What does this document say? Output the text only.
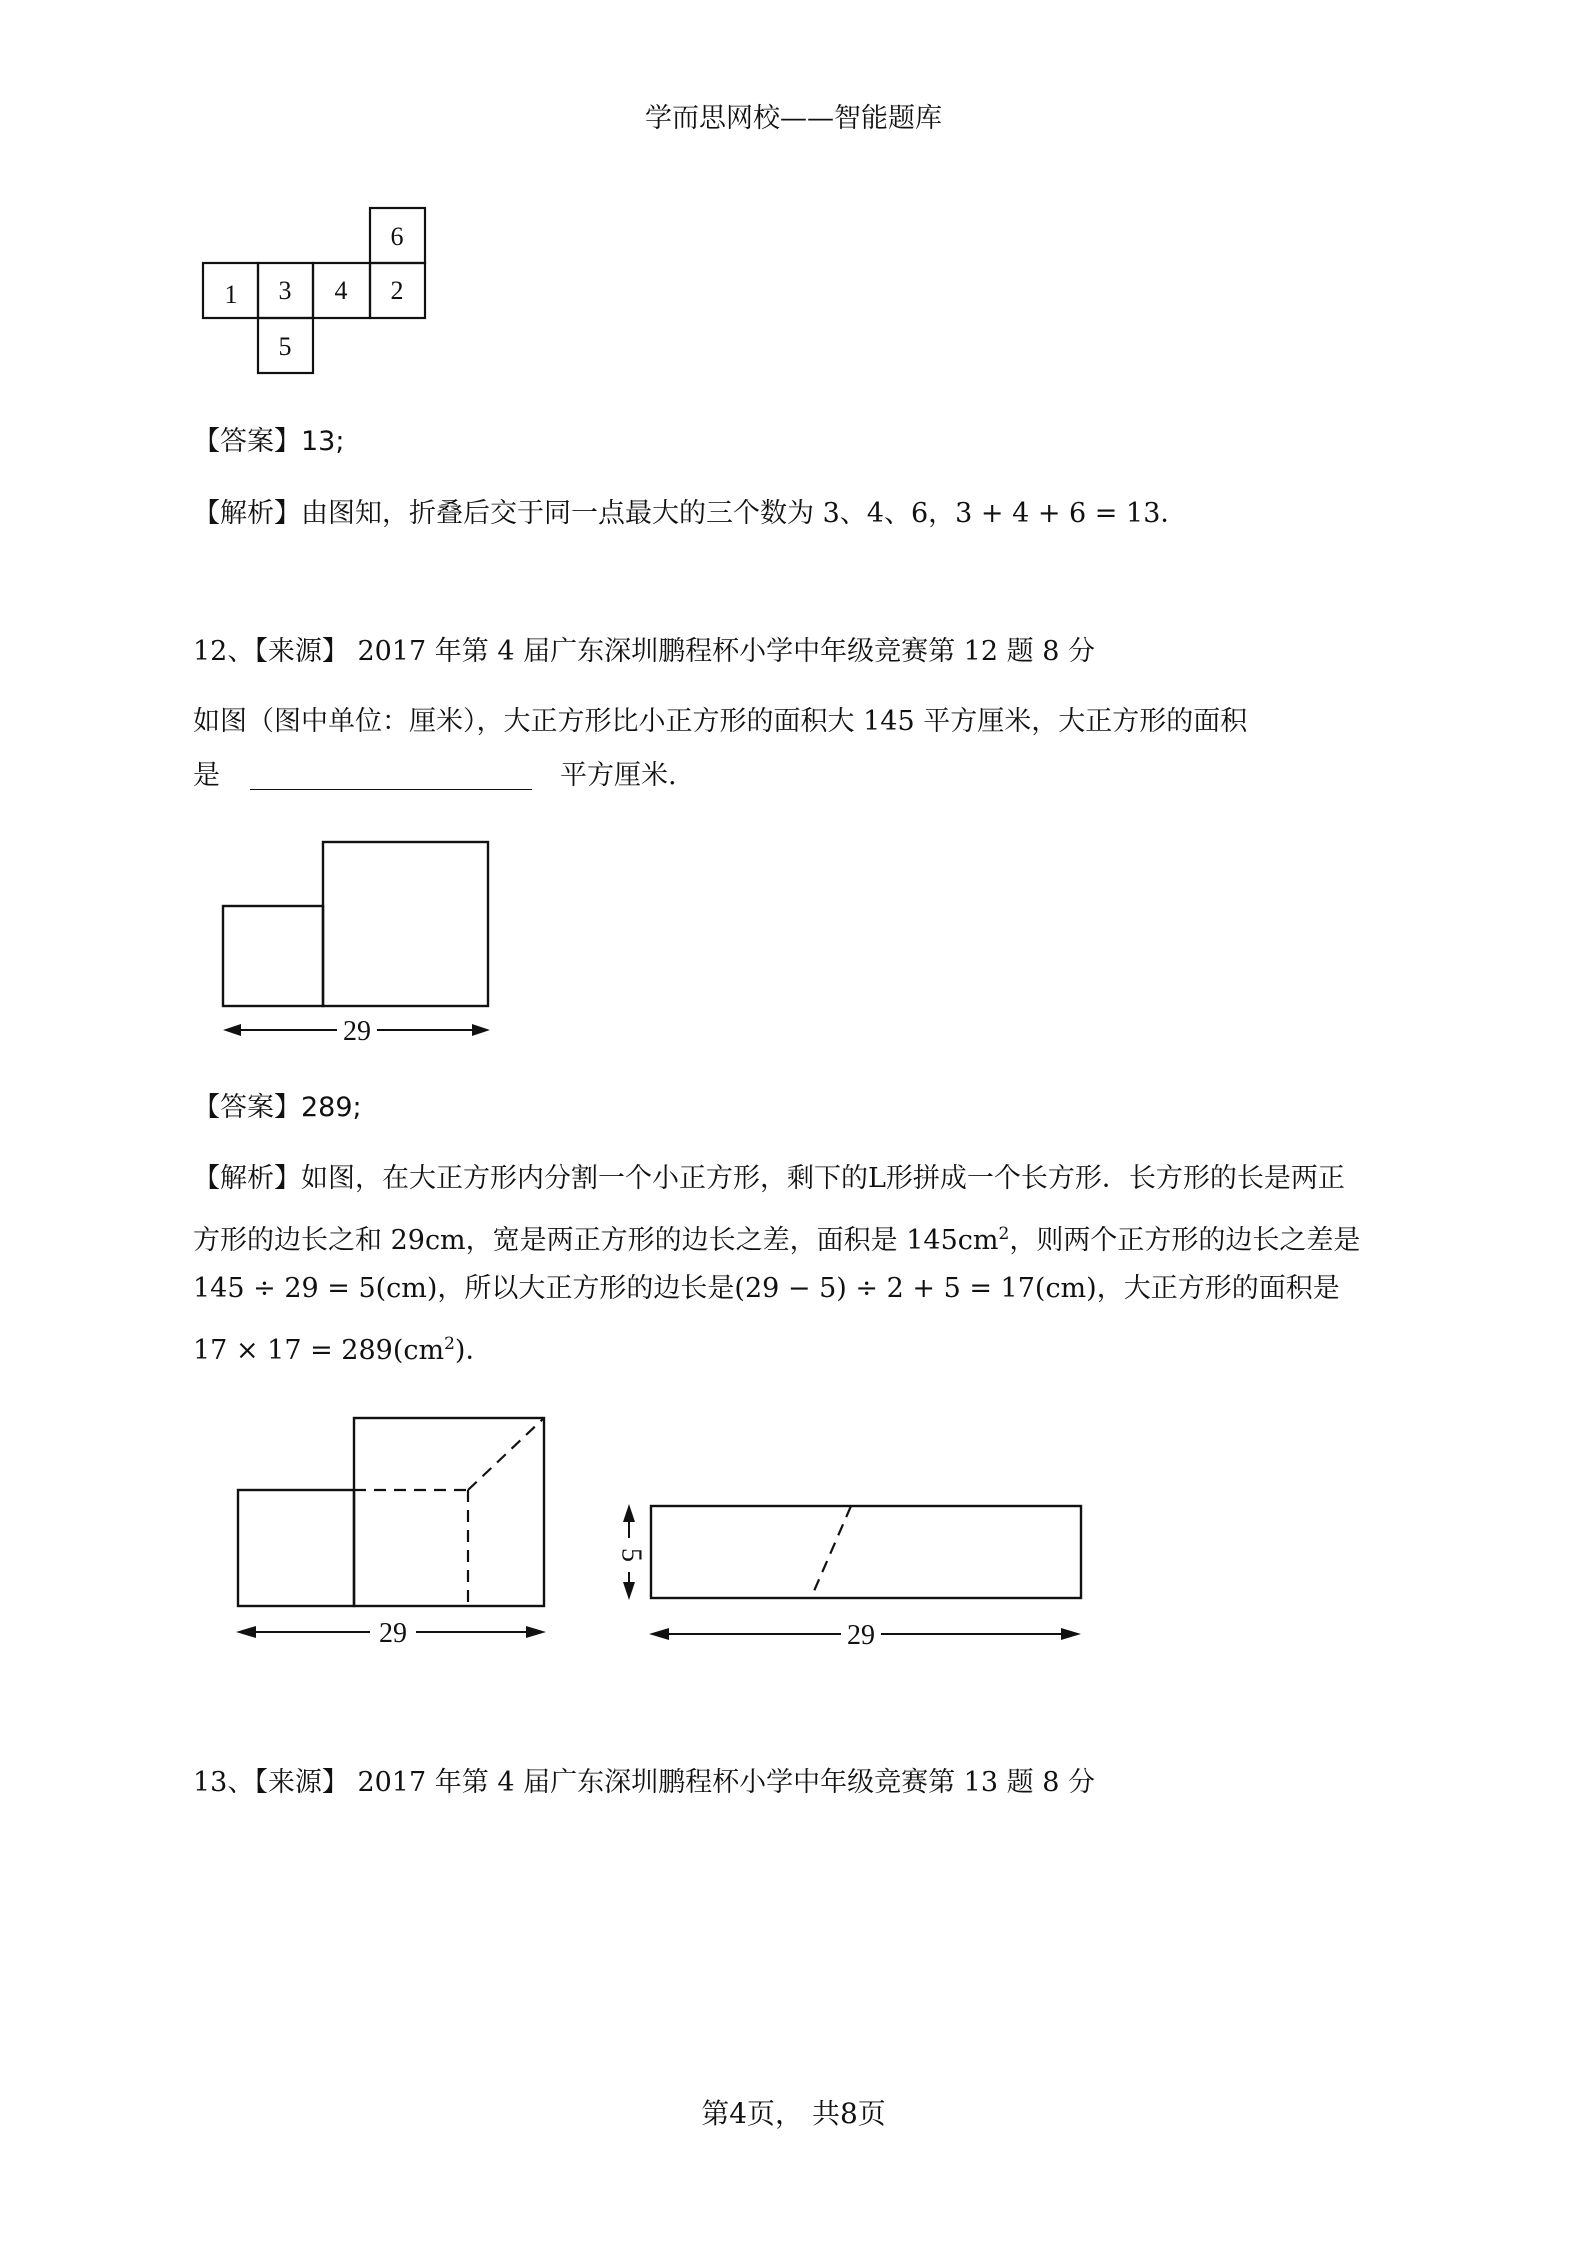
学而思网校——智能题库
6
1 3 4 2
5
【答案】13;
【解析】由图知，折叠后交于同一点最大的三个数为 3、4、6，3 + 4 + 6 = 13．
12、【来源】 2017 年第 4 届广东深圳鹏程杯小学中年级竞赛第 12 题 8 分
如图（图中单位：厘米），大正方形比小正方形的面积大 145 平方厘米，大正方形的面积
是	平方厘米.
29
【答案】289;
【解析】如图，在大正方形内分割一个小正方形，剩下的L形拼成一个长方形．长方形的长是两正
方形的边长之和 29cm，宽是两正方形的边长之差，面积是 $145cm^2$，则两个正方形的边长之差是
145 ÷ 29 = 5(cm)，所以大正方形的边长是(29 − 5) ÷ 2 + 5 = 17(cm)，大正方形的面积是
$17 \times 17 = 289(cm^2)$．
29
5
29
13、【来源】 2017 年第 4 届广东深圳鹏程杯小学中年级竞赛第 13 题 8 分
第4页， 共8页
